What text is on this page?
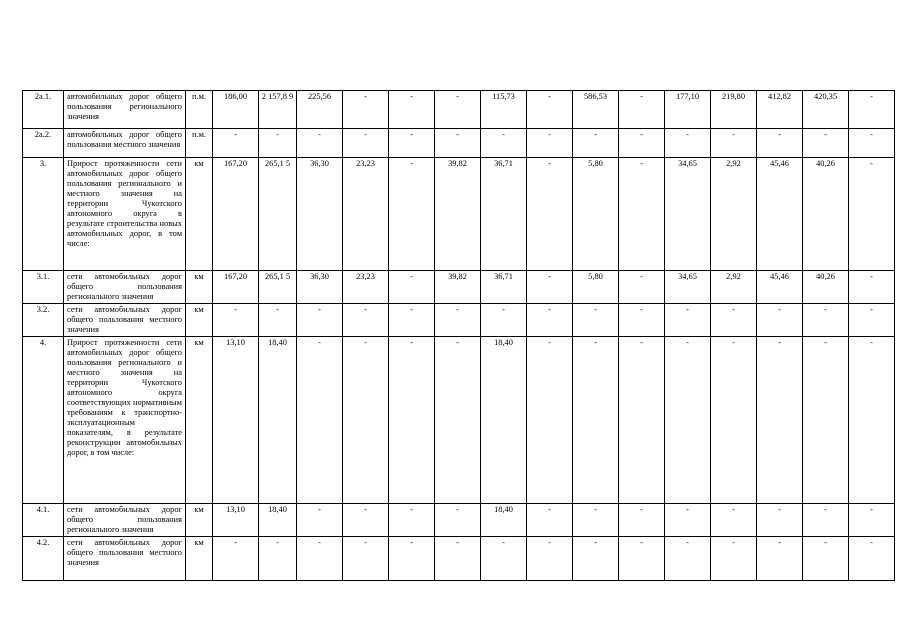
2а.1.	автомобильных дорог общего пользования регионального значения	п.м.	186,00	2 157,8 9	225,56	-	-	-	115,73	-	586,53	-	177,10	219,80	412,82	420,35	-
2а.2.	автомобильных дорог общего пользования местного значения	п.м.	-	-	-	-	-	-	-	-	-	-	-	-	-	-	-
3.	Прирост протяженности сети автомобильных дорог общего пользования регионального и местного значения на территории Чукотского автономного округа в результате строительства новых автомобильных дорог, в том числе:	км	167,20	265,1 5	36,30	23,23	-	39,82	36,71	-	5,80	-	34,65	2,92	45,46	40,26	-
3.1.	сети автомобильных дорог общего пользования регионального значения	км	167,20	265,1 5	36,30	23,23	-	39,82	36,71	-	5,80	-	34,65	2,92	45,46	40,26	-
3.2.	сети автомобильных дорог общего пользования местного значения	км	-	-	-	-	-	-	-	-	-	-	-	-	-	-	-
4.	Прирост протяженности сети автомобильных дорог общего пользования регионального и местного значения на территории Чукотского автономного округа соответствующих нормативным требованиям к транспортно-эксплуатационным показателям, в результате реконструкции автомобильных дорог, в том числе:	км	13,10	18,40	-	-	-	-	18,40	-	-	-	-	-	-	-	-
4.1.	сети автомобильных дорог общего пользования регионального значения	км	13,10	18,40	-	-	-	-	18,40	-	-	-	-	-	-	-	-
4.2.	сети автомобильных дорог общего пользования местного значения	км	-	-	-	-	-	-	-	-	-	-	-	-	-	-	-
